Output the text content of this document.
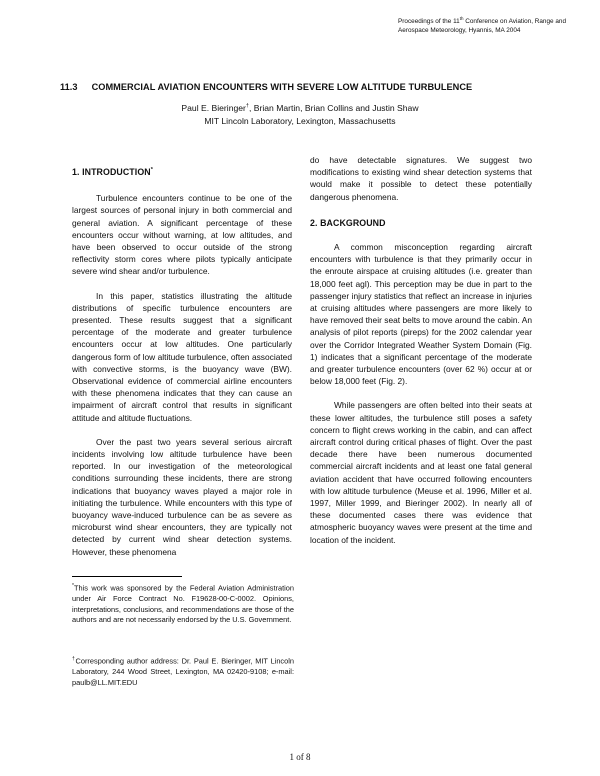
Proceedings of the 11th Conference on Aviation, Range and Aerospace Meteorology, Hyannis, MA 2004
11.3 COMMERCIAL AVIATION ENCOUNTERS WITH SEVERE LOW ALTITUDE TURBULENCE
Paul E. Bieringer†, Brian Martin, Brian Collins and Justin Shaw
MIT Lincoln Laboratory, Lexington, Massachusetts
1. INTRODUCTION*

Turbulence encounters continue to be one of the largest sources of personal injury in both commercial and general aviation. A significant percentage of these encounters occur without warning, at low altitudes, and have been observed to occur outside of the strong reflectivity storm cores where pilots typically anticipate severe wind shear and/or turbulence.

In this paper, statistics illustrating the altitude distributions of specific turbulence encounters are presented. These results suggest that a significant percentage of the moderate and greater turbulence encounters occur at low altitudes. One particularly dangerous form of low altitude turbulence, often associated with convective storms, is the buoyancy wave (BW). Observational evidence of commercial airline encounters with these phenomena indicates that they can cause an impairment of aircraft control that results in significant attitude and altitude fluctuations.

Over the past two years several serious aircraft incidents involving low altitude turbulence have been reported. In our investigation of the meteorological conditions surrounding these incidents, there are strong indications that buoyancy waves played a major role in initiating the turbulence. While encounters with this type of buoyancy wave-induced turbulence can be as severe as microburst wind shear encounters, they are typically not detected by current wind shear detection systems. However, these phenomena

do have detectable signatures. We suggest two modifications to existing wind shear detection systems that would make it possible to detect these potentially dangerous phenomena.

2. BACKGROUND

A common misconception regarding aircraft encounters with turbulence is that they primarily occur in the enroute airspace at cruising altitudes (i.e. greater than 18,000 feet agl). This perception may be due in part to the passenger injury statistics that reflect an increase in injuries at cruising altitudes where passengers are more likely to have removed their seat belts to move around the cabin. An analysis of pilot reports (pireps) for the 2002 calendar year over the Corridor Integrated Weather System Domain (Fig. 1) indicates that a significant percentage of the moderate and greater turbulence encounters (over 62 %) occur at or below 18,000 feet (Fig. 2).

While passengers are often belted into their seats at these lower altitudes, the turbulence still poses a safety concern to flight crews working in the cabin, and can affect aircraft control during critical phases of flight. Over the past decade there have been numerous documented commercial aircraft incidents and at least one fatal general aviation accident that have occurred following encounters with low altitude turbulence (Meuse et al. 1996, Miller et al. 1997, Miller 1999, and Bieringer 2002). In nearly all of these documented cases there was evidence that atmospheric buoyancy waves were present at the time and location of the incident.

*This work was sponsored by the Federal Aviation Administration under Air Force Contract No. F19628-00-C-0002. Opinions, interpretations, conclusions, and recommendations are those of the authors and are not necessarily endorsed by the U.S. Government.
†Corresponding author address: Dr. Paul E. Bieringer, MIT Lincoln Laboratory, 244 Wood Street, Lexington, MA 02420-9108; e-mail: paulb@LL.MIT.EDU
1 of 8
